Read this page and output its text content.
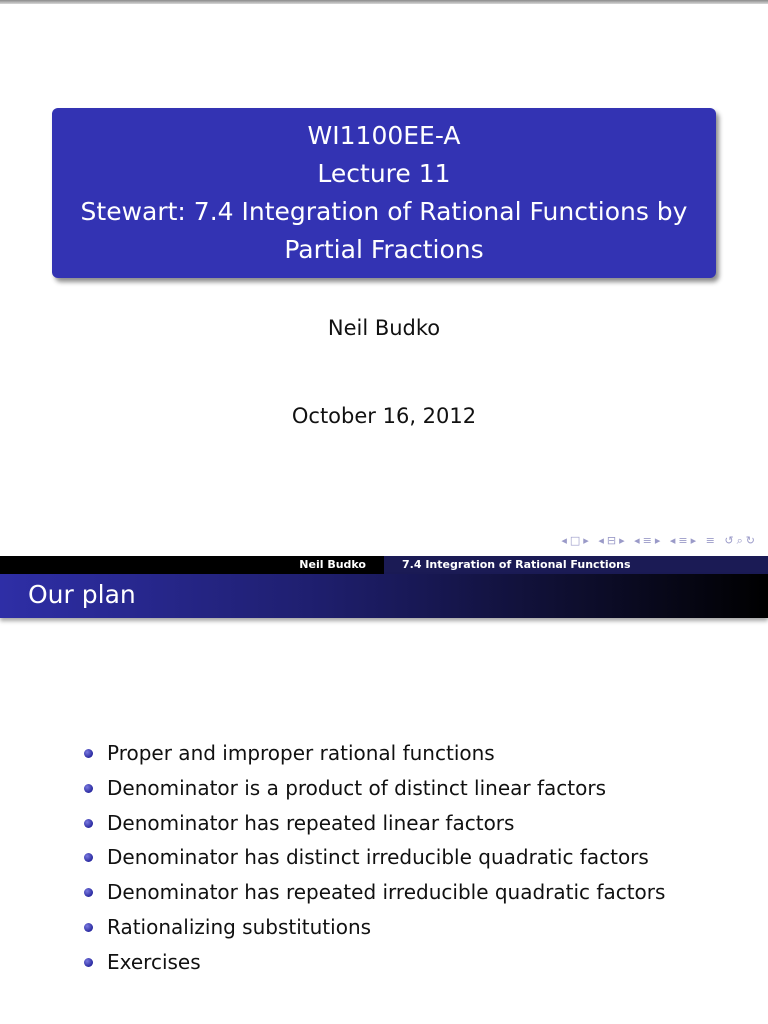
WI1100EE-A
Lecture 11
Stewart: 7.4 Integration of Rational Functions by
Partial Fractions
Neil Budko
October 16, 2012
◂□▸ ◂⊟▸ ◂≡▸ ◂≡▸ ≡ ↺⌕↻
Neil Budko	7.4 Integration of Rational Functions
Our plan
Proper and improper rational functions
Denominator is a product of distinct linear factors
Denominator has repeated linear factors
Denominator has distinct irreducible quadratic factors
Denominator has repeated irreducible quadratic factors
Rationalizing substitutions
Exercises
